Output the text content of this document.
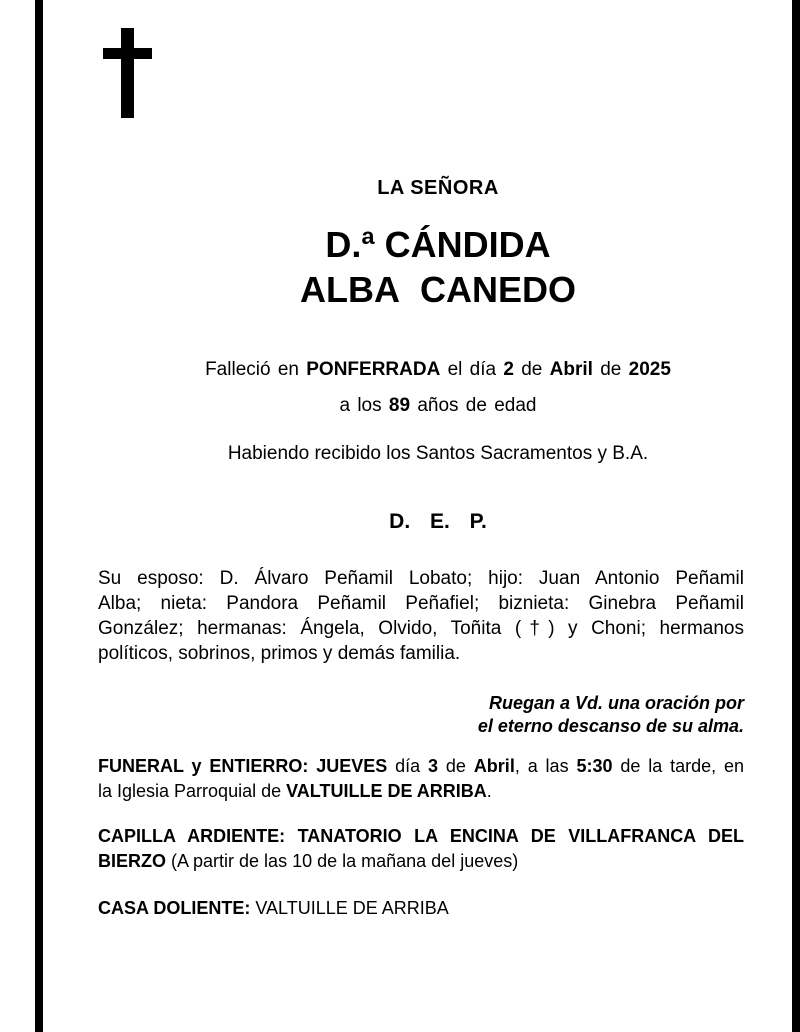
LA SEÑORA
D.ª CÁNDIDA
ALBA  CANEDO
Falleció en PONFERRADA el día 2 de Abril de 2025
a los 89 años de edad
Habiendo recibido los Santos Sacramentos y B.A.
D. E. P.
Su esposo: D. Álvaro Peñamil Lobato; hijo: Juan Antonio Peñamil
Alba; nieta: Pandora Peñamil Peñafiel; biznieta: Ginebra Peñamil
González; hermanas: Ángela, Olvido, Toñita (†) y Choni; hermanos
políticos, sobrinos, primos y demás familia.
Ruegan a Vd. una oración por
el eterno descanso de su alma.
FUNERAL y ENTIERRO: JUEVES día 3 de Abril, a las 5:30 de la tarde, en
la Iglesia Parroquial de VALTUILLE DE ARRIBA.
CAPILLA ARDIENTE: TANATORIO LA ENCINA DE VILLAFRANCA DEL
BIERZO (A partir de las 10 de la mañana del jueves)
CASA DOLIENTE: VALTUILLE DE ARRIBA
